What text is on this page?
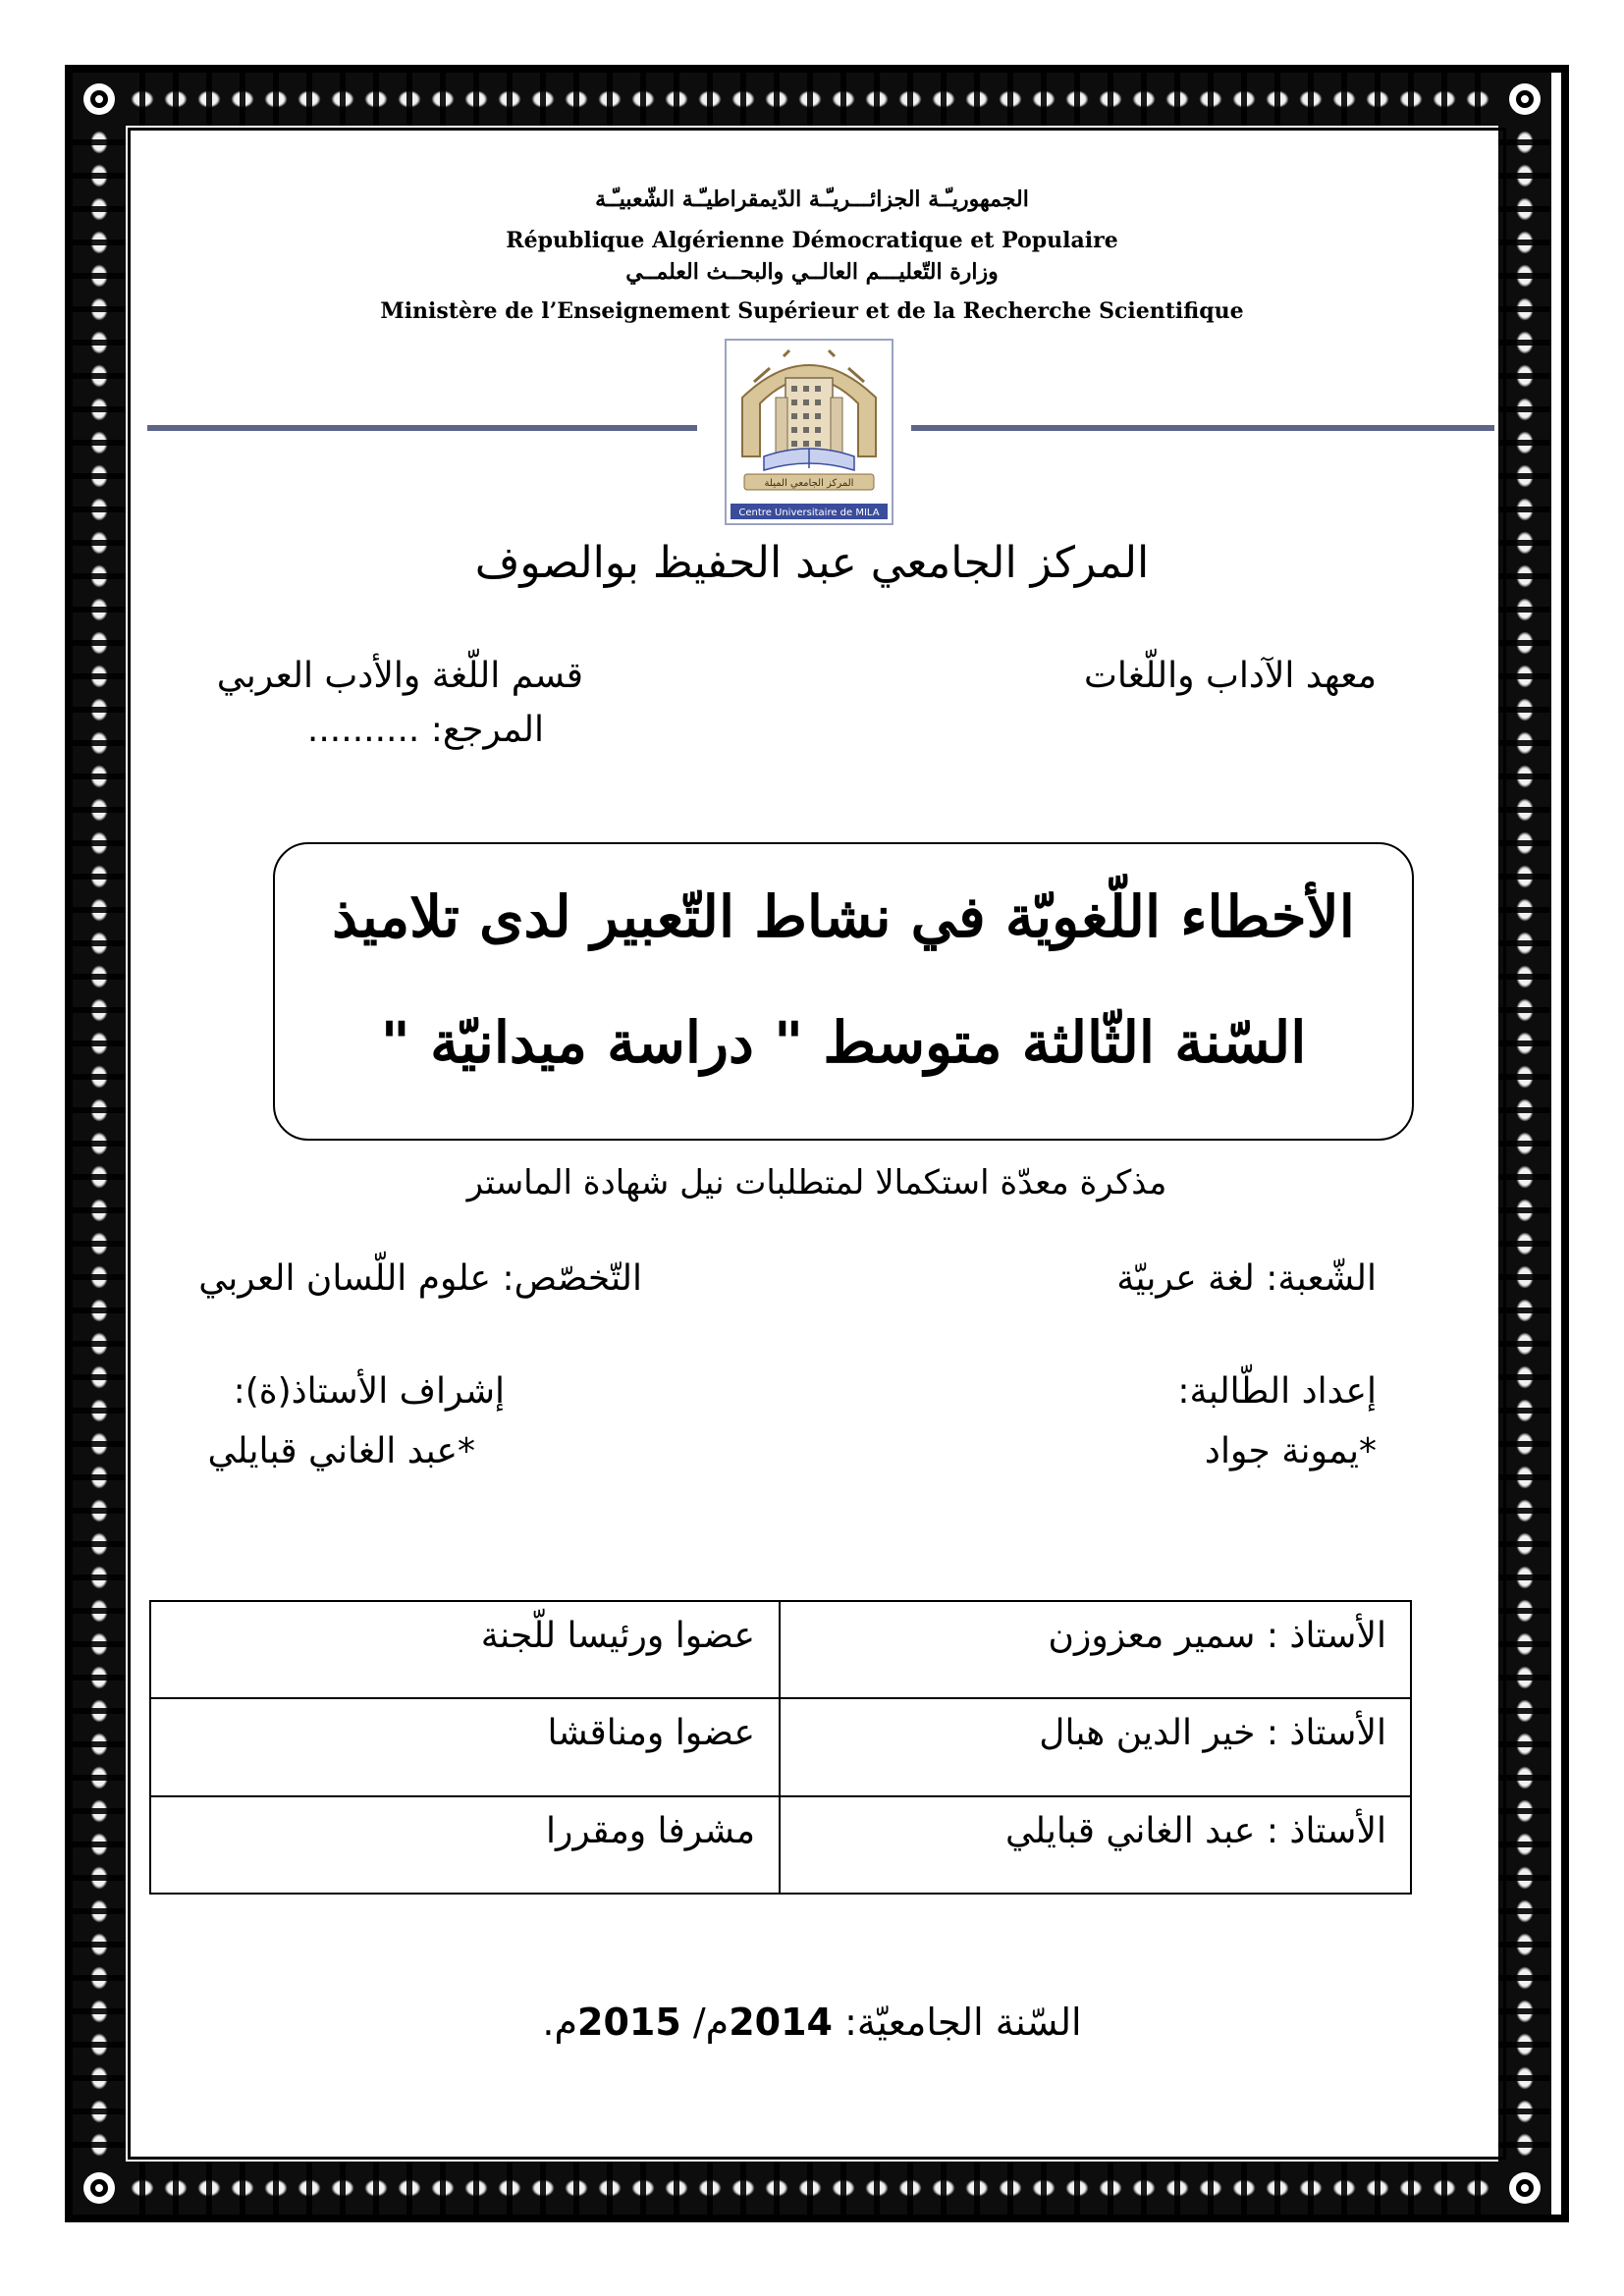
الجمهوريـّـة الجزائـــريـّـة الدّيمقراطيـّـة الشّعبيـّـة
République Algérienne Démocratique et Populaire
وزارة التّعليـــم العالــي والبحــث العلمــي
Ministère de l’Enseignement Supérieur et de la Recherche Scientifique
المركز الجامعي الميلة
Centre Universitaire de MILA
المركز الجامعي عبد الحفيظ بوالصوف
معهد الآداب واللّغات
قسم اللّغة والأدب العربي
المرجع: ..........
الأخطاء اللّغويّة في نشاط التّعبير لدى تلاميذ
السّنة الثّالثة متوسط " دراسة ميدانيّة "
مذكرة معدّة استكمالا لمتطلبات نيل شهادة الماستر
الشّعبة: لغة عربيّة
التّخصّص: علوم اللّسان العربي
إعداد الطّالبة:
*يمونة جواد
إشراف الأستاذ(ة):
*عبد الغاني قبايلي
الأستاذ : سمير معزوزن	عضوا ورئيسا للّجنة
الأستاذ : خير الدين هبال	عضوا ومناقشا
الأستاذ : عبد الغاني قبايلي	مشرفا ومقررا
السّنة الجامعيّة: 2014م/ 2015م.
